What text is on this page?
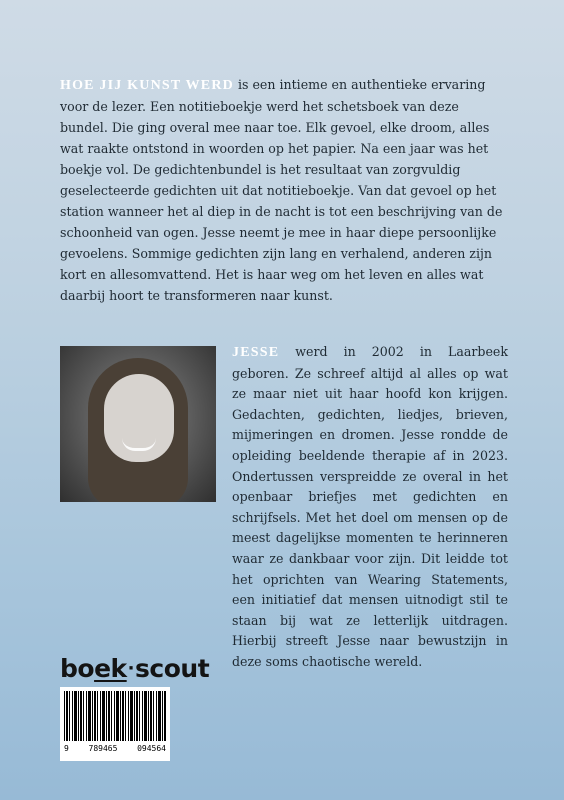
HOE JIJ KUNST WERD is een intieme en authentieke ervaring voor de lezer. Een notitieboekje werd het schetsboek van deze bundel. Die ging overal mee naar toe. Elk gevoel, elke droom, alles wat raakte ontstond in woorden op het papier. Na een jaar was het boekje vol. De gedichtenbundel is het resultaat van zorgvuldig geselecteerde gedichten uit dat notitieboekje. Van dat gevoel op het station wanneer het al diep in de nacht is tot een beschrijving van de schoonheid van ogen. Jesse neemt je mee in haar diepe persoonlijke gevoelens. Sommige gedichten zijn lang en verhalend, anderen zijn kort en allesomvattend. Het is haar weg om het leven en alles wat daarbij hoort te transformeren naar kunst.
JESSE werd in 2002 in Laarbeek geboren. Ze schreef altijd al alles op wat ze maar niet uit haar hoofd kon krijgen. Gedachten, gedichten, liedjes, brieven, mijmeringen en dromen. Jesse rondde de opleiding beeldende therapie af in 2023. Ondertussen verspreidde ze overal in het openbaar briefjes met gedichten en schrijfsels. Met het doel om mensen op de meest dagelijkse momenten te herinneren waar ze dankbaar voor zijn. Dit leidde tot het oprichten van Wearing Statements, een initiatief dat mensen uitnodigt stil te staan bij wat ze letterlijk uitdragen. Hierbij streeft Jesse naar bewustzijn in deze soms chaotische wereld.
boek·scout
9 789465 094564
